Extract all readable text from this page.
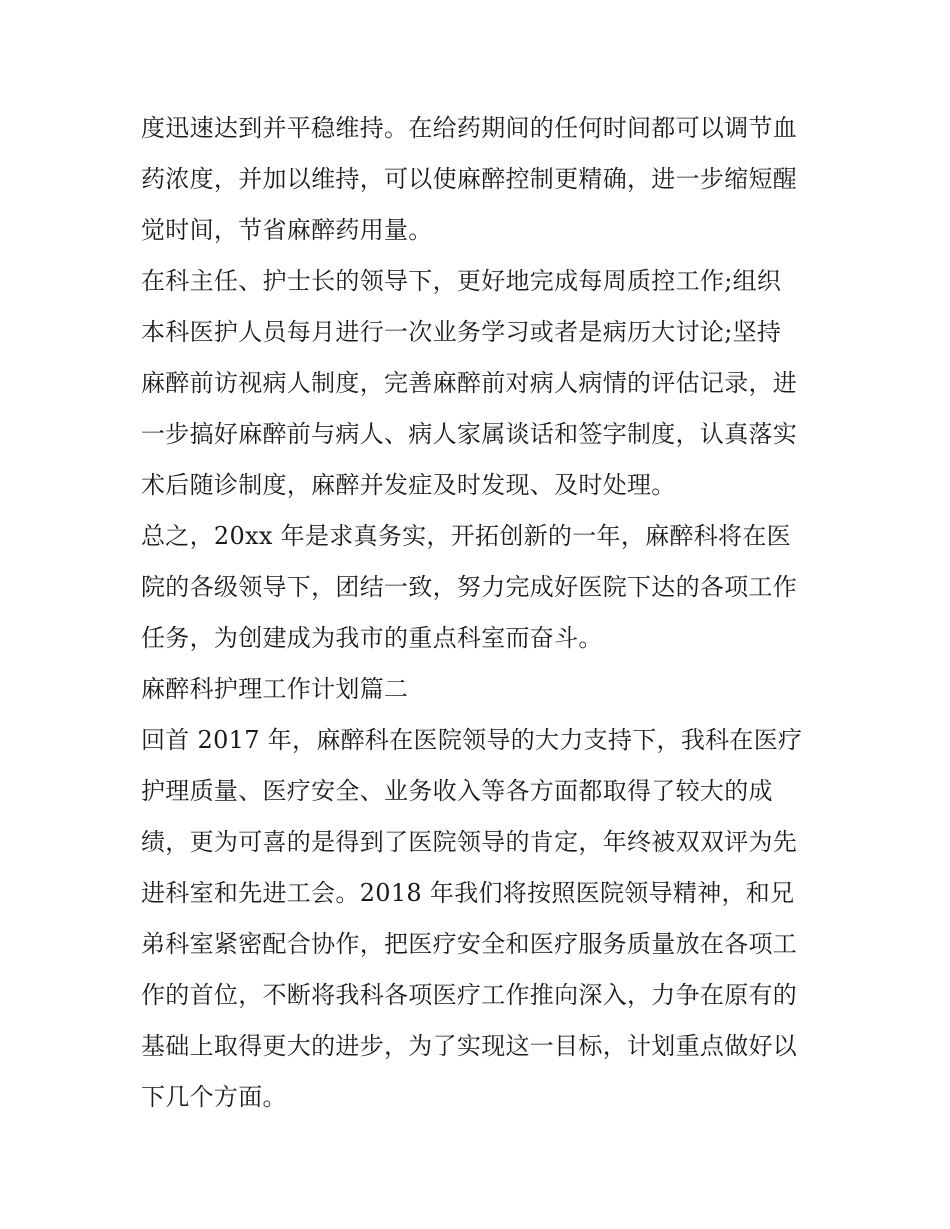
度迅速达到并平稳维持。在给药期间的任何时间都可以调节血
药浓度，并加以维持，可以使麻醉控制更精确，进一步缩短醒
觉时间，节省麻醉药用量。
在科主任、护士长的领导下，更好地完成每周质控工作;组织
本科医护人员每月进行一次业务学习或者是病历大讨论;坚持
麻醉前访视病人制度，完善麻醉前对病人病情的评估记录，进
一步搞好麻醉前与病人、病人家属谈话和签字制度，认真落实
术后随诊制度，麻醉并发症及时发现、及时处理。
总之，20xx 年是求真务实，开拓创新的一年，麻醉科将在医
院的各级领导下，团结一致，努力完成好医院下达的各项工作
任务，为创建成为我市的重点科室而奋斗。
麻醉科护理工作计划篇二
回首 2017 年，麻醉科在医院领导的大力支持下，我科在医疗
护理质量、医疗安全、业务收入等各方面都取得了较大的成
绩，更为可喜的是得到了医院领导的肯定，年终被双双评为先
进科室和先进工会。2018 年我们将按照医院领导精神，和兄
弟科室紧密配合协作，把医疗安全和医疗服务质量放在各项工
作的首位，不断将我科各项医疗工作推向深入，力争在原有的
基础上取得更大的进步，为了实现这一目标，计划重点做好以
下几个方面。
